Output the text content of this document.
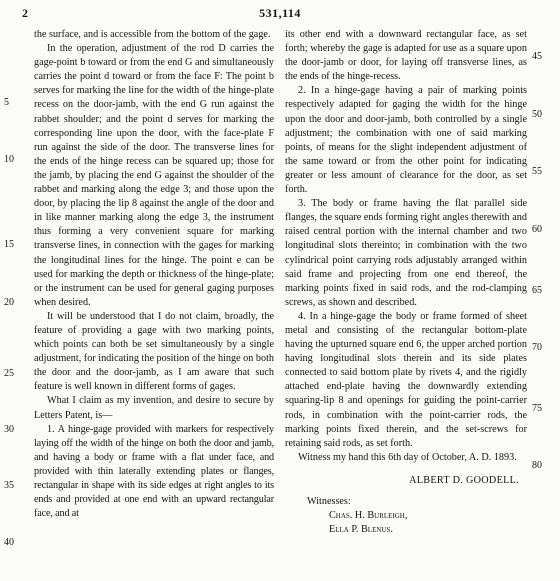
2	531,114

the surface, and is accessible from the bottom of the gage.

In the operation, adjustment of the rod D carries the gage-point b toward or from the end G and simultaneously carries the point d toward or from the face F: The point b serves for marking the line for the width of the hinge-plate recess on the door-jamb, with the end G run against the rabbet shoulder; and the point d serves for marking the corresponding line upon the door, with the face-plate F run against the side of the door. The transverse lines for the ends of the hinge recess can be squared up; those for the jamb, by placing the end G against the shoulder of the rabbet and marking along the edge 3; and those upon the door, by placing the lip 8 against the angle of the door and in like manner marking along the edge 3, the instrument thus forming a very convenient square for marking transverse lines, in connection with the gages for marking the longitudinal lines for the hinge. The point e can be used for marking the depth or thickness of the hinge-plate; or the instrument can be used for general gaging purposes when desired.

It will be understood that I do not claim, broadly, the feature of providing a gage with two marking points, which points can both be set simultaneously by a single adjustment, for indicating the position of the hinge on both the door and the door-jamb, as I am aware that such feature is well known in different forms of gages.

What I claim as my invention, and desire to secure by Letters Patent, is—

1. A hinge-gage provided with markers for respectively laying off the width of the hinge on both the door and jamb, and having a body or frame with a flat under face, and provided with thin laterally extending plates or flanges, rectangular in shape with its side edges at right angles to its ends and provided at one end with an upward rectangular face, and at

its other end with a downward rectangular face, as set forth; whereby the gage is adapted for use as a square upon the door-jamb or door, for laying off transverse lines, as the ends of the hinge-recess.

2. In a hinge-gage having a pair of marking points respectively adapted for gaging the width for the hinge upon the door and door-jamb, both controlled by a single adjustment; the combination with one of said marking points, of means for the slight independent adjustment of the same toward or from the other point for indicating greater or less amount of clearance for the door, as set forth.

3. The body or frame having the flat parallel side flanges, the square ends forming right angles therewith and raised central portion with the internal chamber and two longitudinal slots thereinto; in combination with the two cylindrical point carrying rods adjustably arranged within said frame and projecting from one end thereof, the marking points fixed in said rods, and the rod-clamping screws, as shown and described.

4. In a hinge-gage the body or frame formed of sheet metal and consisting of the rectangular bottom-plate having the upturned square end 6, the upper arched portion having longitudinal slots therein and its side plates connected to said bottom plate by rivets 4, and the rigidly attached end-plate having the downwardly extending squaring-lip 8 and openings for guiding the point-carrier rods, in combination with the point-carrier rods, the marking points fixed therein, and the set-screws for retaining said rods, as set forth.

Witness my hand this 6th day of October, A. D. 1893.

ALBERT D. GOODELL.

Witnesses:

Chas. H. Burleigh,

Ella P. Blenus.

5
10
15
20
25
30
35
40
45
50
55
60
65
70
75
80
